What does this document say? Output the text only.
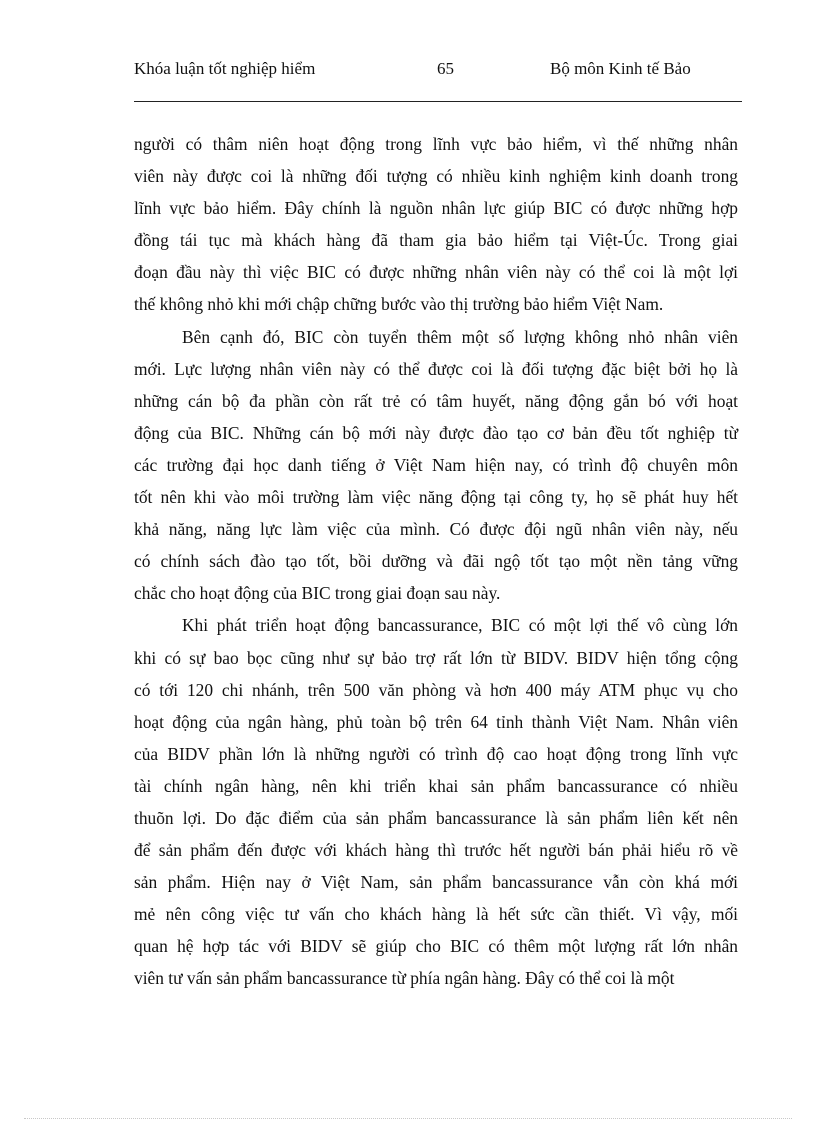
Khóa luận tốt nghiệp hiểm	65	Bộ môn Kinh tế Bảo
người có thâm niên hoạt động trong lĩnh vực bảo hiểm, vì thế những nhân
viên này được coi là những đối tượng có nhiều kinh nghiệm kinh doanh trong
lĩnh vực bảo hiểm. Đây chính là nguồn nhân lực giúp BIC có được những hợp
đồng tái tục mà khách hàng đã tham gia bảo hiểm tại Việt-Úc. Trong giai
đoạn đầu này thì việc BIC có được những nhân viên này có thể coi là một lợi
thế không nhỏ khi mới chập chững bước vào thị trường bảo hiểm Việt Nam.
Bên cạnh đó, BIC còn tuyển thêm một số lượng không nhỏ nhân viên
mới. Lực lượng nhân viên này có thể được coi là đối tượng đặc biệt bởi họ là
những cán bộ đa phần còn rất trẻ có tâm huyết, năng động gắn bó với hoạt
động của BIC. Những cán bộ mới này được đào tạo cơ bản đều tốt nghiệp từ
các trường đại học danh tiếng ở Việt Nam hiện nay, có trình độ chuyên môn
tốt nên khi vào môi trường làm việc năng động tại công ty, họ sẽ phát huy hết
khả năng, năng lực làm việc của mình. Có được đội ngũ nhân viên này, nếu
có chính sách đào tạo tốt, bồi dưỡng và đãi ngộ tốt tạo một nền tảng vững
chắc cho hoạt động của BIC trong giai đoạn sau này.
Khi phát triển hoạt động bancassurance, BIC có một lợi thế vô cùng lớn
khi có sự bao bọc cũng như sự bảo trợ rất lớn từ BIDV. BIDV hiện tổng cộng
có tới 120 chi nhánh, trên 500 văn phòng và hơn 400 máy ATM phục vụ cho
hoạt động của ngân hàng, phủ toàn bộ trên 64 tỉnh thành Việt Nam. Nhân viên
của BIDV phần lớn là những người có trình độ cao hoạt động trong lĩnh vực
tài chính ngân hàng, nên khi triển khai sản phẩm bancassurance có nhiều
thuõn lợi. Do đặc điểm của sản phẩm bancassurance là sản phẩm liên kết nên
để sản phẩm đến được với khách hàng thì trước hết người bán phải hiểu rõ về
sản phẩm. Hiện nay ở Việt Nam, sản phẩm bancassurance vẫn còn khá mới
mẻ nên công việc tư vấn cho khách hàng là hết sức cần thiết. Vì vậy, mối
quan hệ hợp tác với BIDV sẽ giúp cho BIC có thêm một lượng rất lớn nhân
viên tư vấn sản phẩm bancassurance từ phía ngân hàng. Đây có thể coi là một
